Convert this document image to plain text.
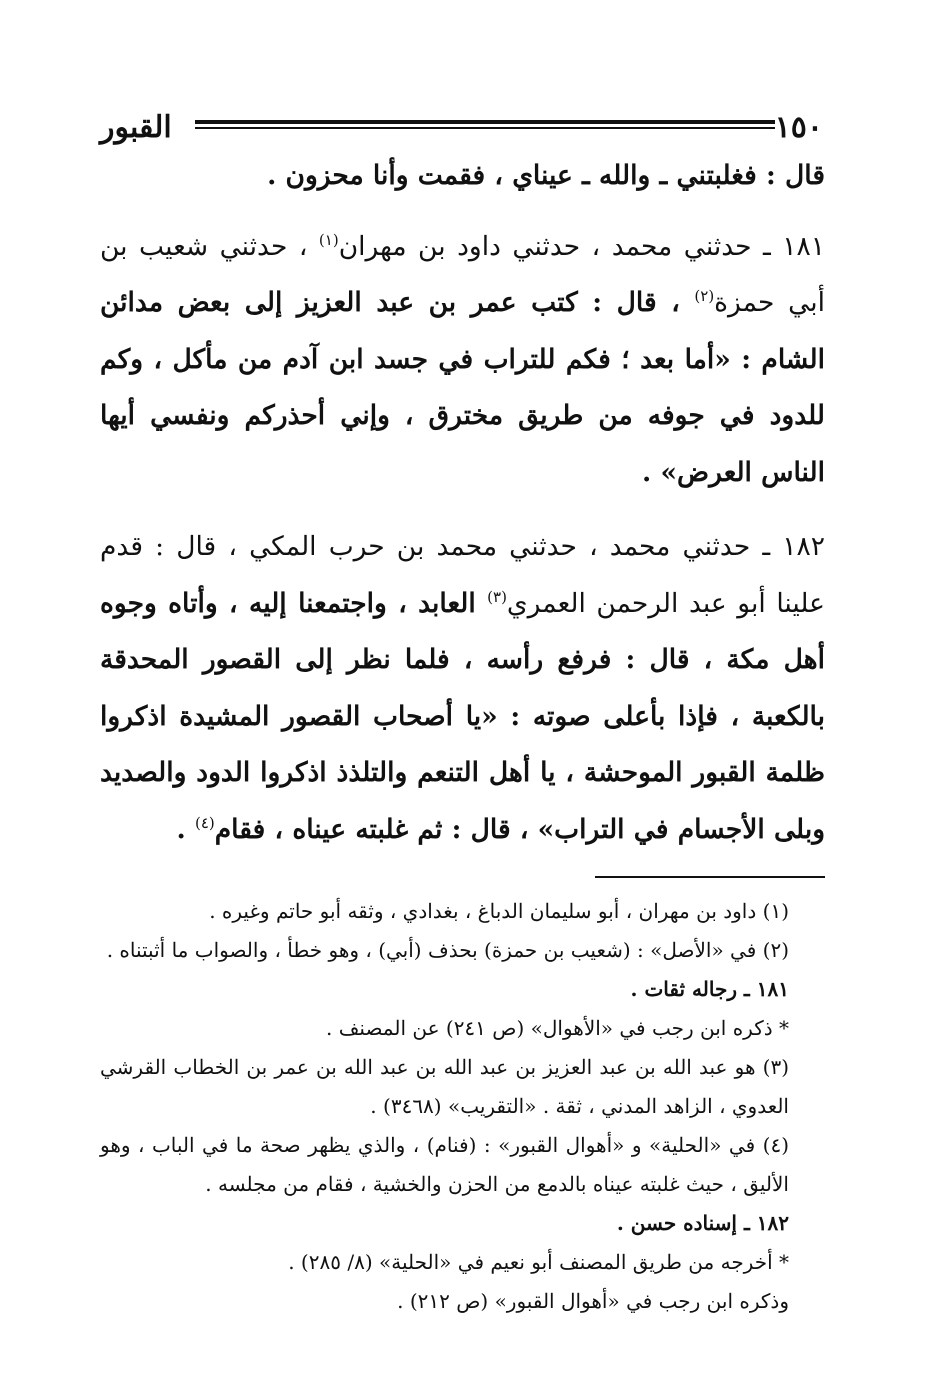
١٥٠
القبور

قال : فغلبتني ـ والله ـ عيناي ، فقمت وأنا محزون .

١٨١ ـ حدثني محمد ، حدثني داود بن مهران$^{(١)}$ ، حدثني شعيب بن أبي حمزة$^{(٢)}$ ، قال : كتب عمر بن عبد العزيز إلى بعض مدائن الشام : «أما بعد ؛ فكم للتراب في جسد ابن آدم من مأكل ، وكم للدود في جوفه من طريق مخترق ، وإني أحذركم ونفسي أيها الناس العرض» .

١٨٢ ـ حدثني محمد ، حدثني محمد بن حرب المكي ، قال : قدم علينا أبو عبد الرحمن العمري$^{(٣)}$ العابد ، واجتمعنا إليه ، وأتاه وجوه أهل مكة ، قال : فرفع رأسه ، فلما نظر إلى القصور المحدقة بالكعبة ، فإذا بأعلى صوته : «يا أصحاب القصور المشيدة اذكروا ظلمة القبور الموحشة ، يا أهل التنعم والتلذذ اذكروا الدود والصديد وبلى الأجسام في التراب» ، قال : ثم غلبته عيناه ، فقام$^{(٤)}$ .

(١) داود بن مهران ، أبو سليمان الدباغ ، بغدادي ، وثقه أبو حاتم وغيره .

(٢) في «الأصل» : (شعيب بن حمزة) بحذف (أبي) ، وهو خطأ ، والصواب ما أثبتناه .

١٨١ ـ رجاله ثقات .

* ذكره ابن رجب في «الأهوال» (ص ٢٤١) عن المصنف .

(٣) هو عبد الله بن عبد العزيز بن عبد الله بن عبد الله بن عمر بن الخطاب القرشي العدوي ، الزاهد المدني ، ثقة . «التقريب» (٣٤٦٨) .

(٤) في «الحلية» و «أهوال القبور» : (فنام) ، والذي يظهر صحة ما في الباب ، وهو الأليق ، حيث غلبته عيناه بالدمع من الحزن والخشية ، فقام من مجلسه .

١٨٢ ـ إسناده حسن .

* أخرجه من طريق المصنف أبو نعيم في «الحلية» (٨/ ٢٨٥) .

وذكره ابن رجب في «أهوال القبور» (ص ٢١٢) .
